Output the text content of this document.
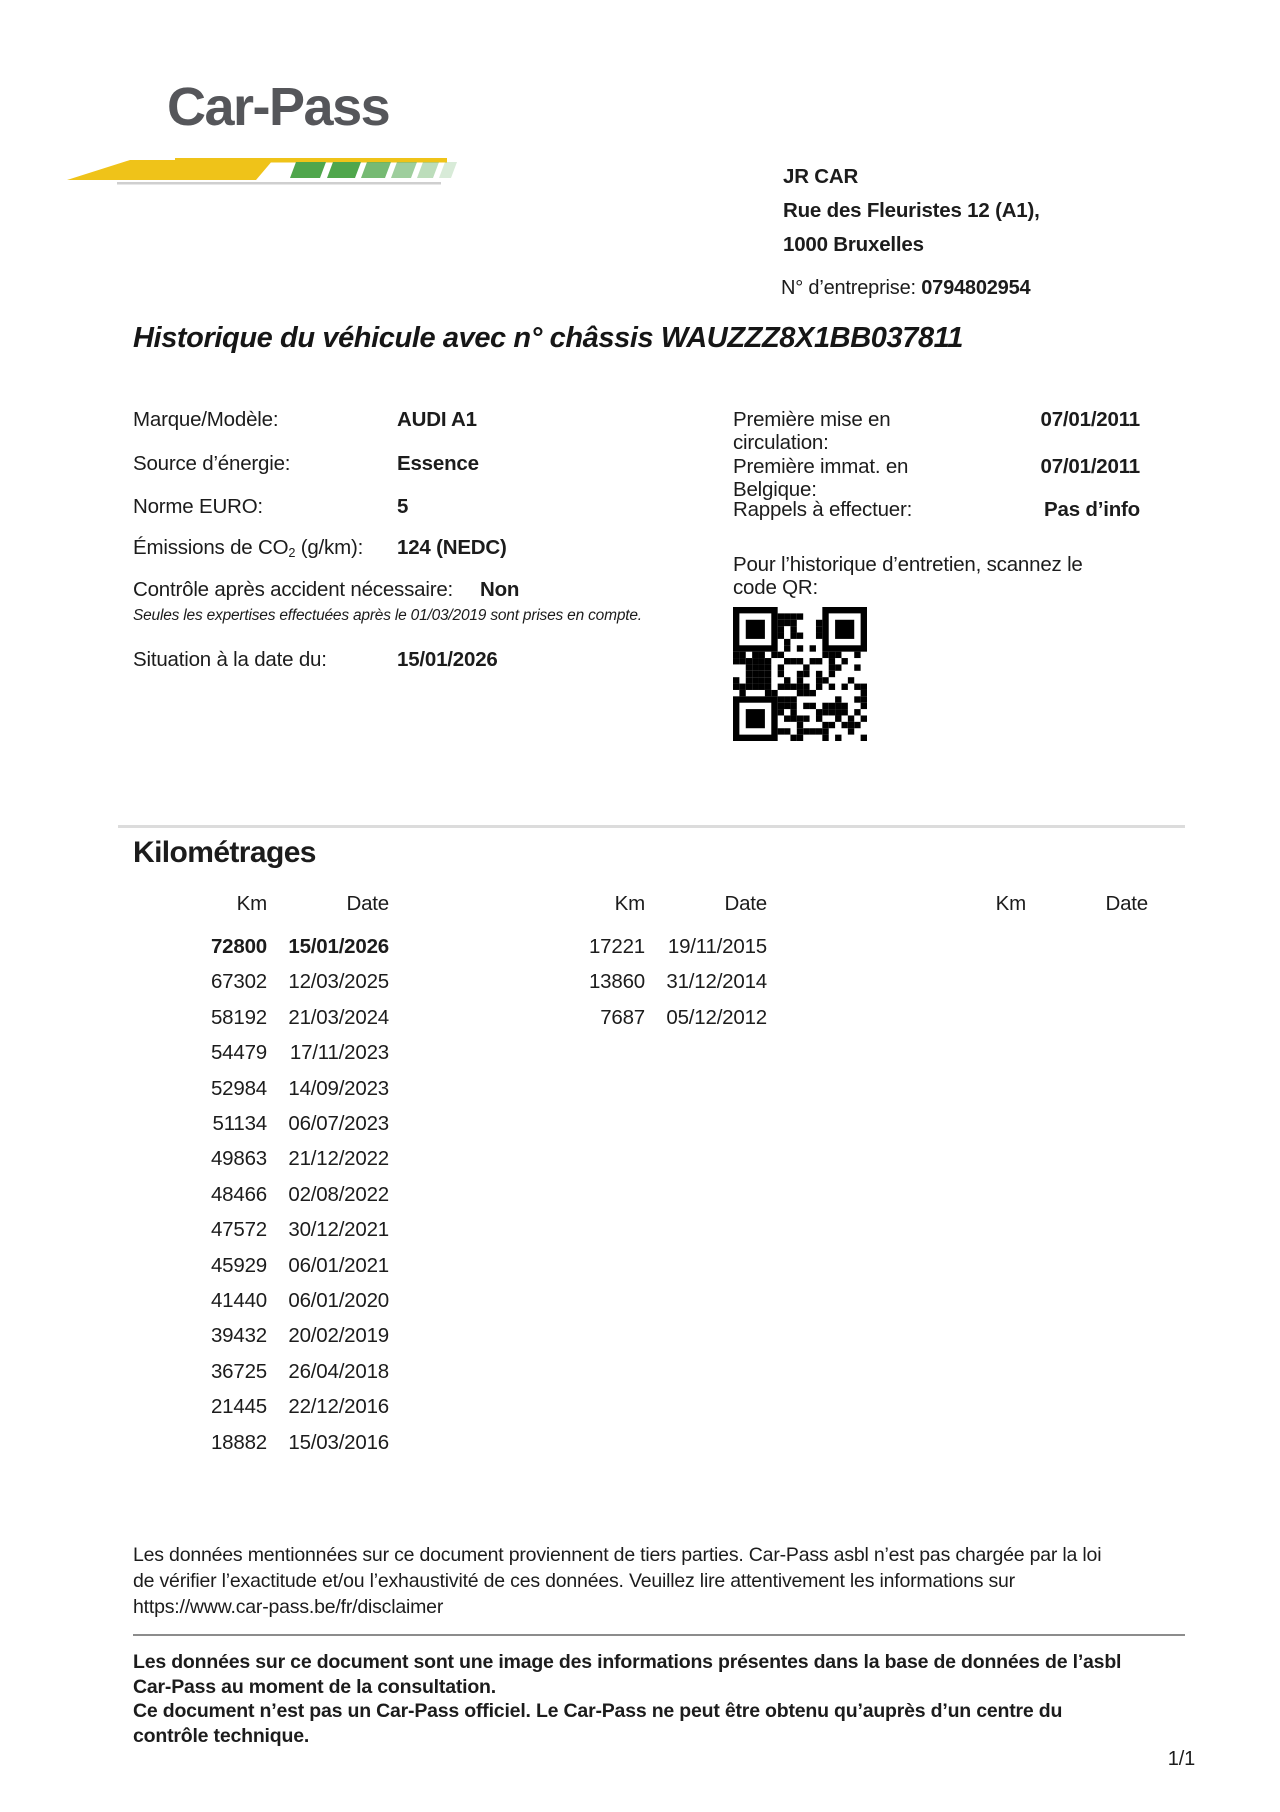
Car-Pass
JR CAR
Rue des Fleuristes 12 (A1),
1000 Bruxelles
N° d’entreprise: 0794802954
Historique du véhicule avec n° châssis WAUZZZ8X1BB037811
Marque/Modèle:	AUDI A1
Source d’énergie:	Essence
Norme EURO:	5
Émissions de $CO_2$ (g/km): 124 (NEDC)
Contrôle après accident nécessaire: Non
Seules les expertises effectuées après le 01/03/2019 sont prises en compte.
Situation à la date du:	15/01/2026
Première mise en circulation:
07/01/2011
Première immat. en Belgique:
07/01/2011
Rappels à effectuer:	Pas d’info
Pour l’historique d’entretien, scannez le code QR:
Kilométrages
Km	Date
72800	15/01/2026
67302	12/03/2025
58192	21/03/2024
54479	17/11/2023
52984	14/09/2023
51134	06/07/2023
49863	21/12/2022
48466	02/08/2022
47572	30/12/2021
45929	06/01/2021
41440	06/01/2020
39432	20/02/2019
36725	26/04/2018
21445	22/12/2016
18882	15/03/2016
Km	Date
17221	19/11/2015
13860	31/12/2014
7687	05/12/2012
Km	Date
Les données mentionnées sur ce document proviennent de tiers parties. Car-Pass asbl n’est pas chargée par la loi
de vérifier l’exactitude et/ou l’exhaustivité de ces données. Veuillez lire attentivement les informations sur
https://www.car-pass.be/fr/disclaimer
Les données sur ce document sont une image des informations présentes dans la base de données de l’asbl
Car-Pass au moment de la consultation.
Ce document n’est pas un Car-Pass officiel. Le Car-Pass ne peut être obtenu qu’auprès d’un centre du
contrôle technique.
1/1
